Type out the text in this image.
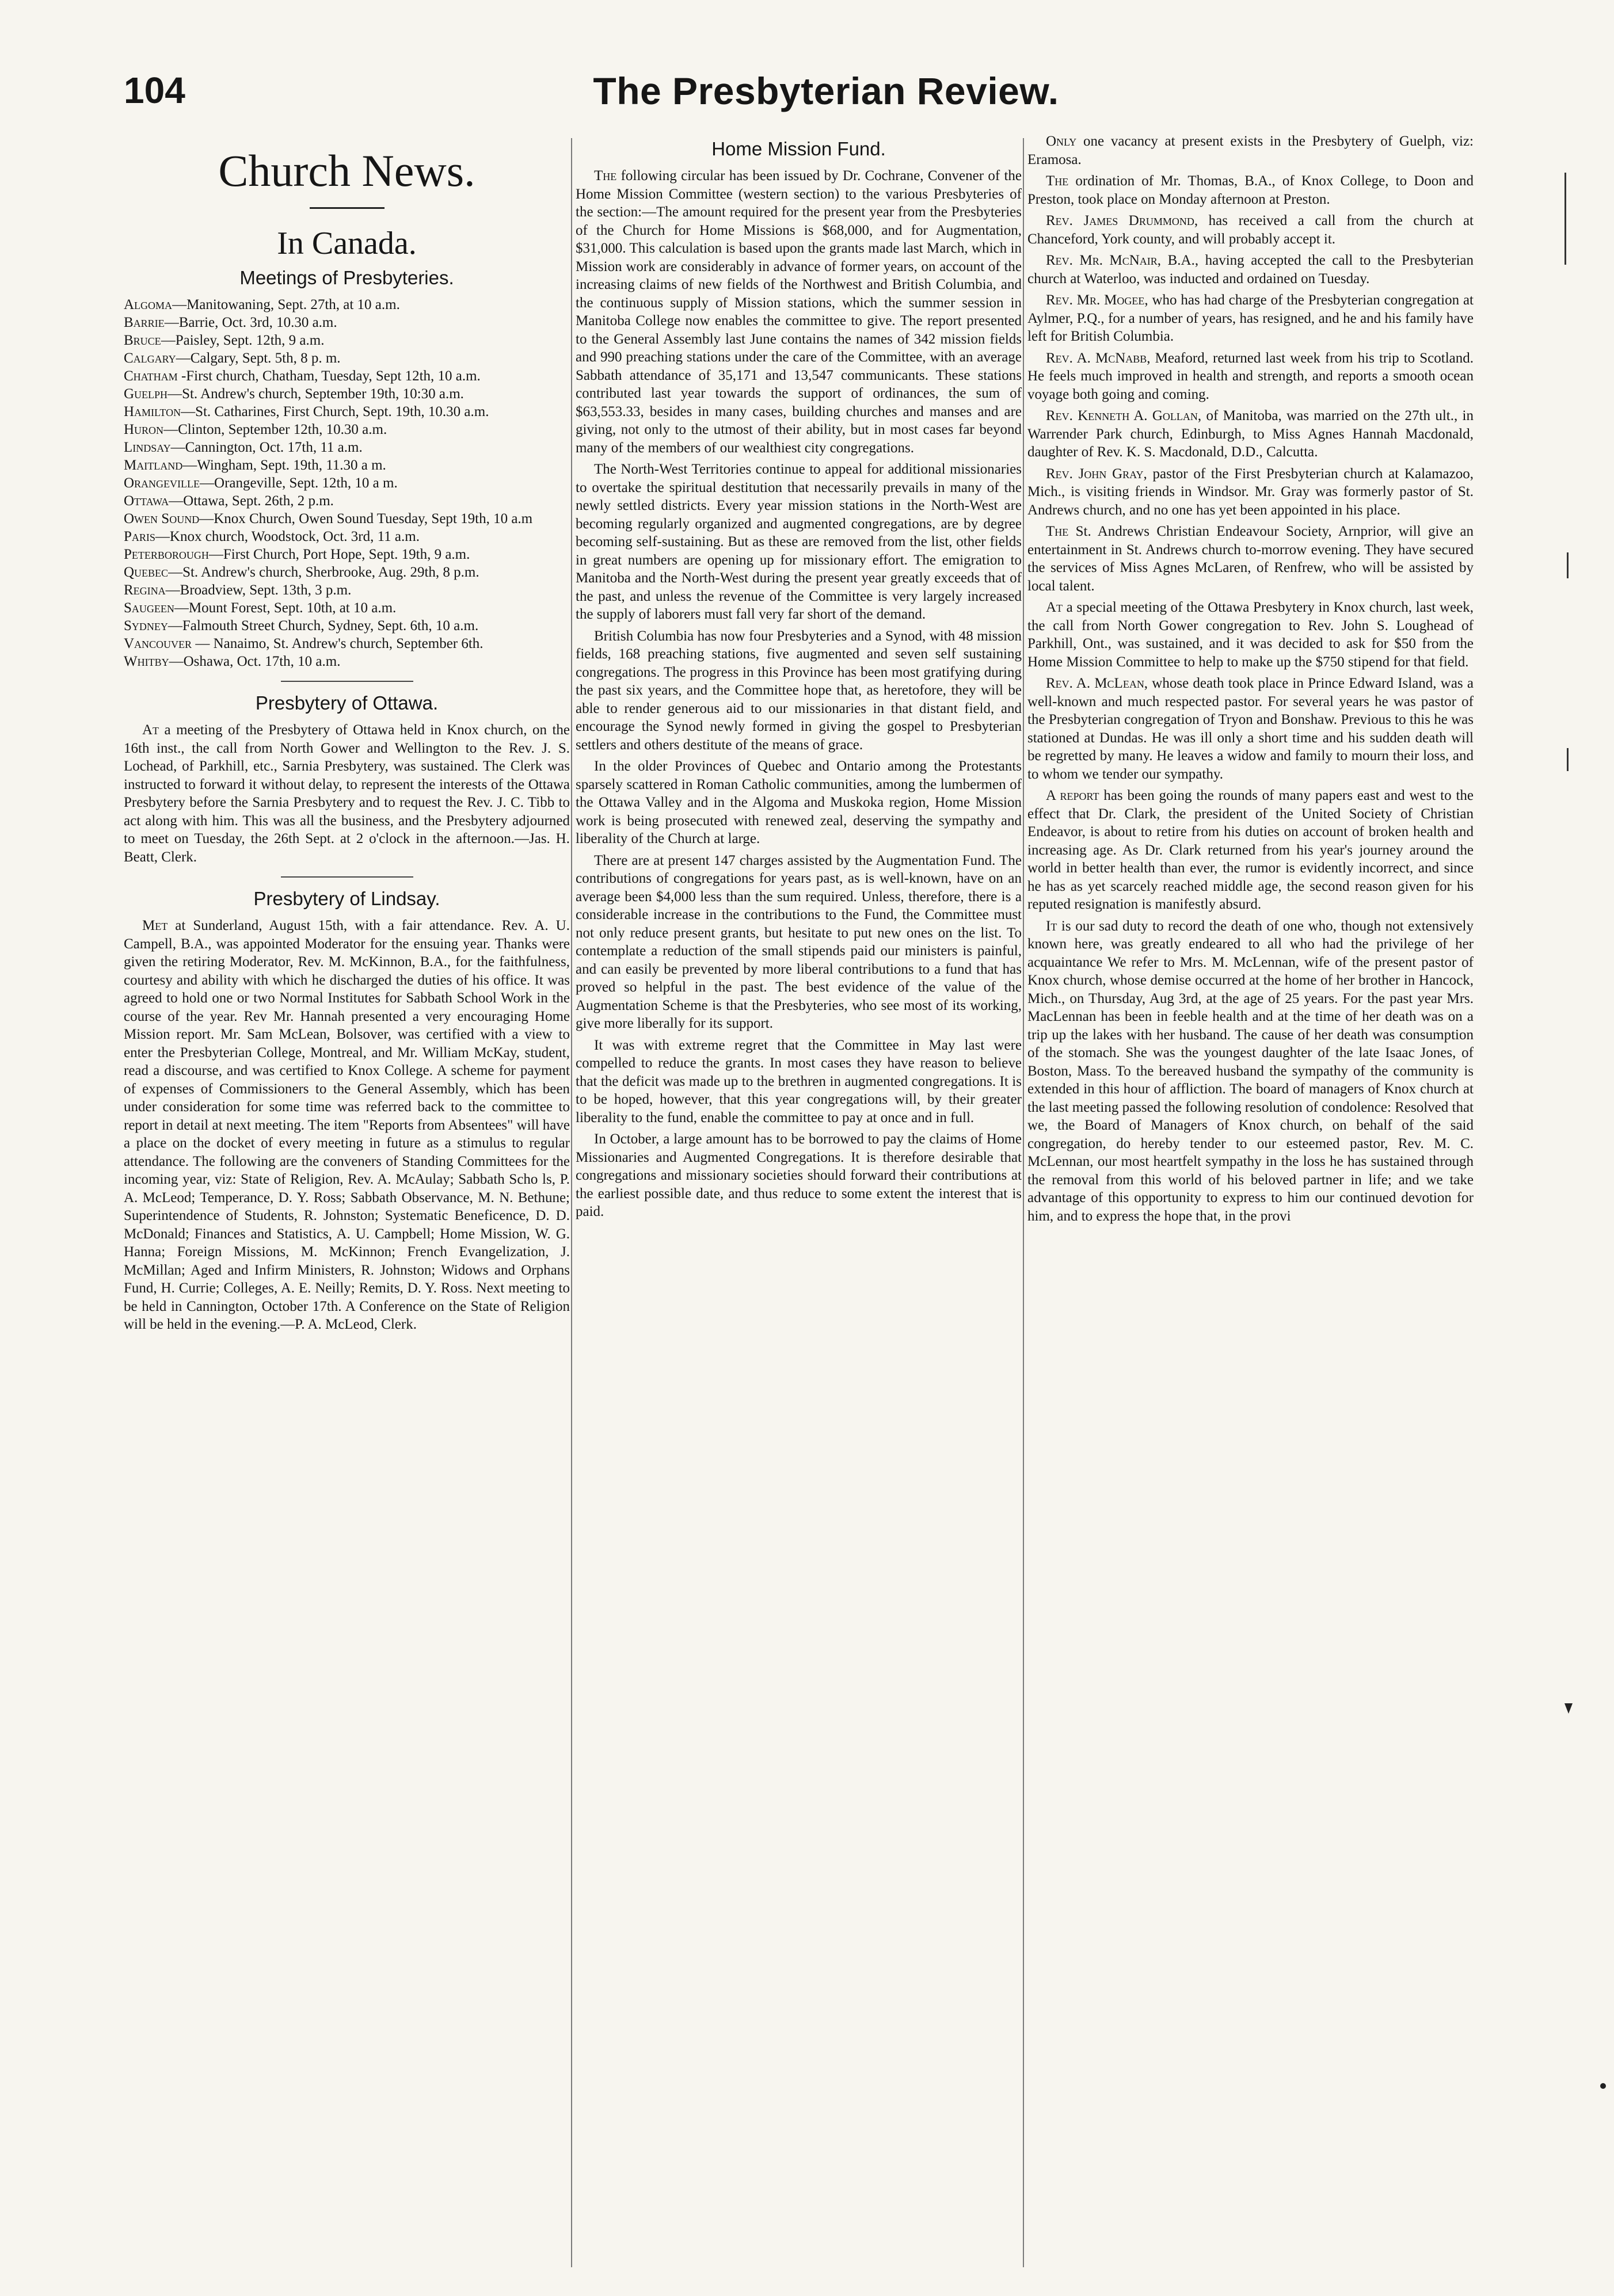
104	The Presbyterian Review.
Church News.
In Canada.
Meetings of Presbyteries.

Algoma—Manitowaning, Sept. 27th, at 10 a.m.

Barrie—Barrie, Oct. 3rd, 10.30 a.m.

Bruce—Paisley, Sept. 12th, 9 a.m.

Calgary—Calgary, Sept. 5th, 8 p. m.

Chatham -First church, Chatham, Tuesday, Sept 12th, 10 a.m.

Guelph—St. Andrew's church, September 19th, 10:30 a.m.

Hamilton—St. Catharines, First Church, Sept. 19th, 10.30 a.m.

Huron—Clinton, September 12th, 10.30 a.m.

Lindsay—Cannington, Oct. 17th, 11 a.m.

Maitland—Wingham, Sept. 19th, 11.30 a m.

Orangeville—Orangeville, Sept. 12th, 10 a m.

Ottawa—Ottawa, Sept. 26th, 2 p.m.

Owen Sound—Knox Church, Owen Sound Tuesday, Sept 19th, 10 a.m

Paris—Knox church, Woodstock, Oct. 3rd, 11 a.m.

Peterborough—First Church, Port Hope, Sept. 19th, 9 a.m.

Quebec—St. Andrew's church, Sherbrooke, Aug. 29th, 8 p.m.

Regina—Broadview, Sept. 13th, 3 p.m.

Saugeen—Mount Forest, Sept. 10th, at 10 a.m.

Sydney—Falmouth Street Church, Sydney, Sept. 6th, 10 a.m.

Vancouver — Nanaimo, St. Andrew's church, September 6th.

Whitby—Oshawa, Oct. 17th, 10 a.m.

Presbytery of Ottawa.

At a meeting of the Presbytery of Ottawa held in Knox church, on the 16th inst., the call from North Gower and Wellington to the Rev. J. S. Lochead, of Parkhill, etc., Sarnia Presbytery, was sustained. The Clerk was instructed to forward it without delay, to represent the interests of the Ottawa Presbytery before the Sarnia Presbytery and to request the Rev. J. C. Tibb to act along with him. This was all the business, and the Presbytery adjourned to meet on Tuesday, the 26th Sept. at 2 o'clock in the afternoon.—Jas. H. Beatt, Clerk.

Presbytery of Lindsay.

Met at Sunderland, August 15th, with a fair attendance. Rev. A. U. Campell, B.A., was appointed Moderator for the ensuing year. Thanks were given the retiring Moderator, Rev. M. McKinnon, B.A., for the faithfulness, courtesy and ability with which he discharged the duties of his office. It was agreed to hold one or two Normal Institutes for Sabbath School Work in the course of the year. Rev Mr. Hannah presented a very encouraging Home Mission report. Mr. Sam McLean, Bolsover, was certified with a view to enter the Presbyterian College, Montreal, and Mr. William McKay, student, read a discourse, and was certified to Knox College. A scheme for payment of expenses of Commissioners to the General Assembly, which has been under consideration for some time was referred back to the committee to report in detail at next meeting. The item "Reports from Absentees" will have a place on the docket of every meeting in future as a stimulus to regular attendance. The following are the conveners of Standing Committees for the incoming year, viz: State of Religion, Rev. A. McAulay; Sabbath Scho ls, P. A. McLeod; Temperance, D. Y. Ross; Sabbath Observance, M. N. Bethune; Superintendence of Students, R. Johnston; Systematic Beneficence, D. D. McDonald; Finances and Statistics, A. U. Campbell; Home Mission, W. G. Hanna; Foreign Missions, M. McKinnon; French Evangelization, J. McMillan; Aged and Infirm Ministers, R. Johnston; Widows and Orphans Fund, H. Currie; Colleges, A. E. Neilly; Remits, D. Y. Ross. Next meeting to be held in Cannington, October 17th. A Conference on the State of Religion will be held in the evening.—P. A. McLeod, Clerk.

Home Mission Fund.

The following circular has been issued by Dr. Cochrane, Convener of the Home Mission Committee (western section) to the various Presbyteries of the section:—The amount required for the present year from the Presbyteries of the Church for Home Missions is $68,000, and for Augmentation, $31,000. This calculation is based upon the grants made last March, which in Mission work are considerably in advance of former years, on account of the increasing claims of new fields of the Northwest and British Columbia, and the continuous supply of Mission stations, which the summer session in Manitoba College now enables the committee to give. The report presented to the General Assembly last June contains the names of 342 mission fields and 990 preaching stations under the care of the Committee, with an average Sabbath attendance of 35,171 and 13,547 communicants. These stations contributed last year towards the support of ordinances, the sum of $63,553.33, besides in many cases, building churches and manses and are giving, not only to the utmost of their ability, but in most cases far beyond many of the members of our wealthiest city congregations.

The North-West Territories continue to appeal for additional missionaries to overtake the spiritual destitution that necessarily prevails in many of the newly settled districts. Every year mission stations in the North-West are becoming regularly organized and augmented congregations, are by degree becoming self-sustaining. But as these are removed from the list, other fields in great numbers are opening up for missionary effort. The emigration to Manitoba and the North-West during the present year greatly exceeds that of the past, and unless the revenue of the Committee is very largely increased the supply of laborers must fall very far short of the demand.

British Columbia has now four Presbyteries and a Synod, with 48 mission fields, 168 preaching stations, five augmented and seven self sustaining congregations. The progress in this Province has been most gratifying during the past six years, and the Committee hope that, as heretofore, they will be able to render generous aid to our missionaries in that distant field, and encourage the Synod newly formed in giving the gospel to Presbyterian settlers and others destitute of the means of grace.

In the older Provinces of Quebec and Ontario among the Protestants sparsely scattered in Roman Catholic communities, among the lumbermen of the Ottawa Valley and in the Algoma and Muskoka region, Home Mission work is being prosecuted with renewed zeal, deserving the sympathy and liberality of the Church at large.

There are at present 147 charges assisted by the Augmentation Fund. The contributions of congregations for years past, as is well-known, have on an average been $4,000 less than the sum required. Unless, therefore, there is a considerable increase in the contributions to the Fund, the Committee must not only reduce present grants, but hesitate to put new ones on the list. To contemplate a reduction of the small stipends paid our ministers is painful, and can easily be prevented by more liberal contributions to a fund that has proved so helpful in the past. The best evidence of the value of the Augmentation Scheme is that the Presbyteries, who see most of its working, give more liberally for its support.

It was with extreme regret that the Committee in May last were compelled to reduce the grants. In most cases they have reason to believe that the deficit was made up to the brethren in augmented congregations. It is to be hoped, however, that this year congregations will, by their greater liberality to the fund, enable the committee to pay at once and in full.

In October, a large amount has to be borrowed to pay the claims of Home Missionaries and Augmented Congregations. It is therefore desirable that congregations and missionary societies should forward their contributions at the earliest possible date, and thus reduce to some extent the interest that is paid.

Only one vacancy at present exists in the Presbytery of Guelph, viz: Eramosa.

The ordination of Mr. Thomas, B.A., of Knox College, to Doon and Preston, took place on Monday afternoon at Preston.

Rev. James Drummond, has received a call from the church at Chanceford, York county, and will probably accept it.

Rev. Mr. McNair, B.A., having accepted the call to the Presbyterian church at Waterloo, was inducted and ordained on Tuesday.

Rev. Mr. Mogee, who has had charge of the Presbyterian congregation at Aylmer, P.Q., for a number of years, has resigned, and he and his family have left for British Columbia.

Rev. A. McNabb, Meaford, returned last week from his trip to Scotland. He feels much improved in health and strength, and reports a smooth ocean voyage both going and coming.

Rev. Kenneth A. Gollan, of Manitoba, was married on the 27th ult., in Warrender Park church, Edinburgh, to Miss Agnes Hannah Macdonald, daughter of Rev. K. S. Macdonald, D.D., Calcutta.

Rev. John Gray, pastor of the First Presbyterian church at Kalamazoo, Mich., is visiting friends in Windsor. Mr. Gray was formerly pastor of St. Andrews church, and no one has yet been appointed in his place.

The St. Andrews Christian Endeavour Society, Arnprior, will give an entertainment in St. Andrews church to-morrow evening. They have secured the services of Miss Agnes McLaren, of Renfrew, who will be assisted by local talent.

At a special meeting of the Ottawa Presbytery in Knox church, last week, the call from North Gower congregation to Rev. John S. Loughead of Parkhill, Ont., was sustained, and it was decided to ask for $50 from the Home Mission Committee to help to make up the $750 stipend for that field.

Rev. A. McLean, whose death took place in Prince Edward Island, was a well-known and much respected pastor. For several years he was pastor of the Presbyterian congregation of Tryon and Bonshaw. Previous to this he was stationed at Dundas. He was ill only a short time and his sudden death will be regretted by many. He leaves a widow and family to mourn their loss, and to whom we tender our sympathy.

A report has been going the rounds of many papers east and west to the effect that Dr. Clark, the president of the United Society of Christian Endeavor, is about to retire from his duties on account of broken health and increasing age. As Dr. Clark returned from his year's journey around the world in better health than ever, the rumor is evidently incorrect, and since he has as yet scarcely reached middle age, the second reason given for his reputed resignation is manifestly absurd.

It is our sad duty to record the death of one who, though not extensively known here, was greatly endeared to all who had the privilege of her acquaintance We refer to Mrs. M. McLennan, wife of the present pastor of Knox church, whose demise occurred at the home of her brother in Hancock, Mich., on Thursday, Aug 3rd, at the age of 25 years. For the past year Mrs. MacLennan has been in feeble health and at the time of her death was on a trip up the lakes with her husband. The cause of her death was consumption of the stomach. She was the youngest daughter of the late Isaac Jones, of Boston, Mass. To the bereaved husband the sympathy of the community is extended in this hour of affliction. The board of managers of Knox church at the last meeting passed the following resolution of condolence: Resolved that we, the Board of Managers of Knox church, on behalf of the said congregation, do hereby tender to our esteemed pastor, Rev. M. C. McLennan, our most heartfelt sympathy in the loss he has sustained through the removal from this world of his beloved partner in life; and we take advantage of this opportunity to express to him our continued devotion for him, and to express the hope that, in the provi
